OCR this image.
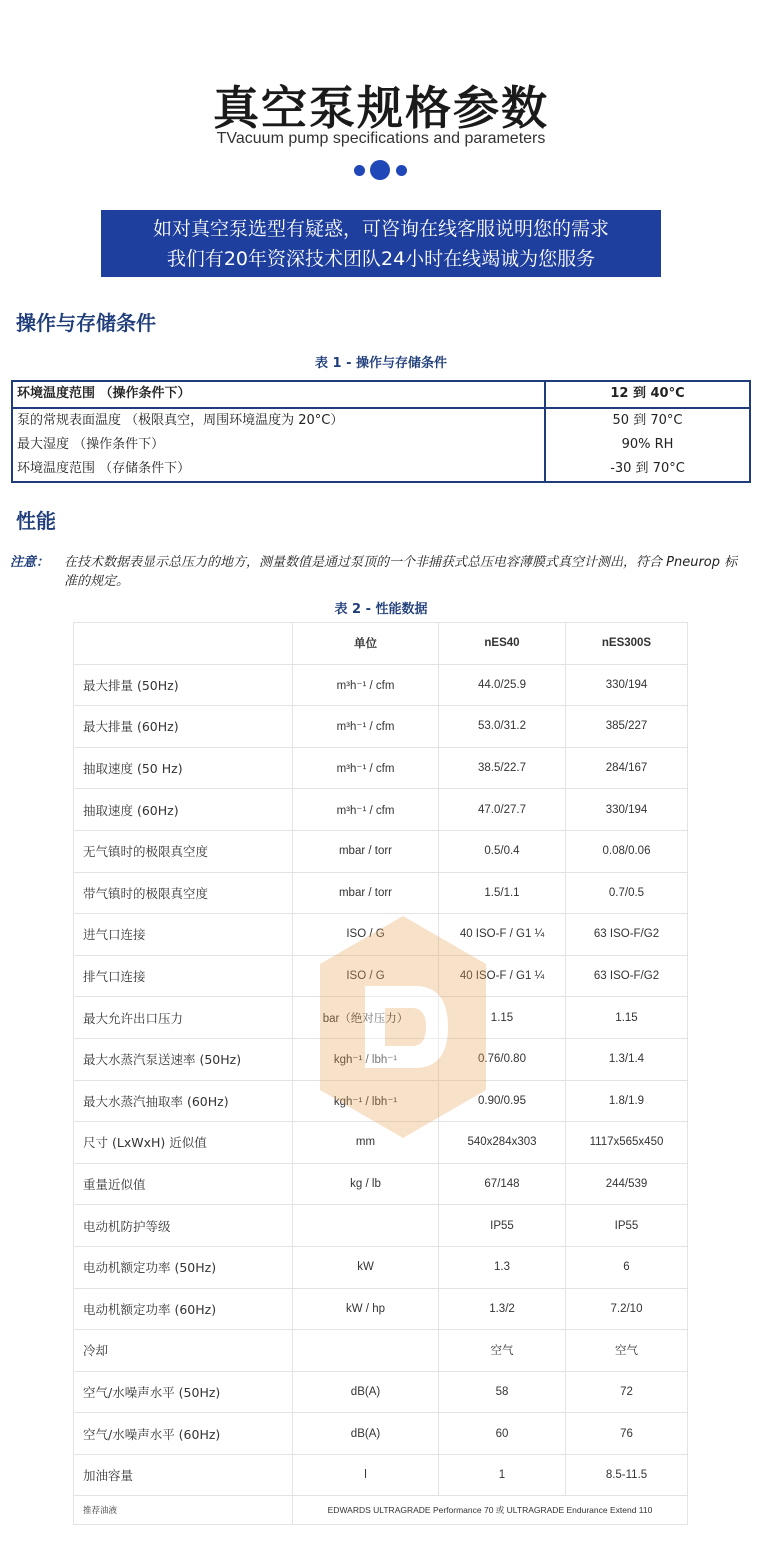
真空泵规格参数
TVacuum pump specifications and parameters
如对真空泵选型有疑惑，可咨询在线客服说明您的需求
我们有20年资深技术团队24小时在线竭诚为您服务
操作与存储条件
表 1 - 操作与存储条件
环境温度范围 （操作条件下）	12 到 40°C
泵的常规表面温度 （极限真空，周围环境温度为 20°C）	50 到 70°C
最大湿度 （操作条件下）	90% RH
环境温度范围 （存储条件下）	-30 到 70°C
性能
注意： 在技术数据表显示总压力的地方，测量数值是通过泵顶的一个非捕获式总压电容薄膜式真空计测出，符合 Pneurop 标准的规定。
表 2 - 性能数据
	单位	nES40	nES300S
最大排量 (50Hz)	m³h⁻¹ / cfm	44.0/25.9	330/194
最大排量 (60Hz)	m³h⁻¹ / cfm	53.0/31.2	385/227
抽取速度 (50 Hz)	m³h⁻¹ / cfm	38.5/22.7	284/167
抽取速度 (60Hz)	m³h⁻¹ / cfm	47.0/27.7	330/194
无气镇时的极限真空度	mbar / torr	0.5/0.4	0.08/0.06
带气镇时的极限真空度	mbar / torr	1.5/1.1	0.7/0.5
进气口连接	ISO / G	40 ISO-F / G1 ¼	63 ISO-F/G2
排气口连接	ISO / G	40 ISO-F / G1 ¼	63 ISO-F/G2
最大允许出口压力	bar（绝对压力）	1.15	1.15
最大水蒸汽泵送速率 (50Hz)	kgh⁻¹ / lbh⁻¹	0.76/0.80	1.3/1.4
最大水蒸汽抽取率 (60Hz)	kgh⁻¹ / lbh⁻¹	0.90/0.95	1.8/1.9
尺寸 (LxWxH) 近似值	mm	540x284x303	1117x565x450
重量近似值	kg / lb	67/148	244/539
电动机防护等级		IP55	IP55
电动机额定功率 (50Hz)	kW	1.3	6
电动机额定功率 (60Hz)	kW / hp	1.3/2	7.2/10
冷却		空气	空气
空气/水噪声水平 (50Hz)	dB(A)	58	72
空气/水噪声水平 (60Hz)	dB(A)	60	76
加油容量	l	1	8.5-11.5
推荐油液	EDWARDS ULTRAGRADE Performance 70 或 ULTRAGRADE Endurance Extend 110		
